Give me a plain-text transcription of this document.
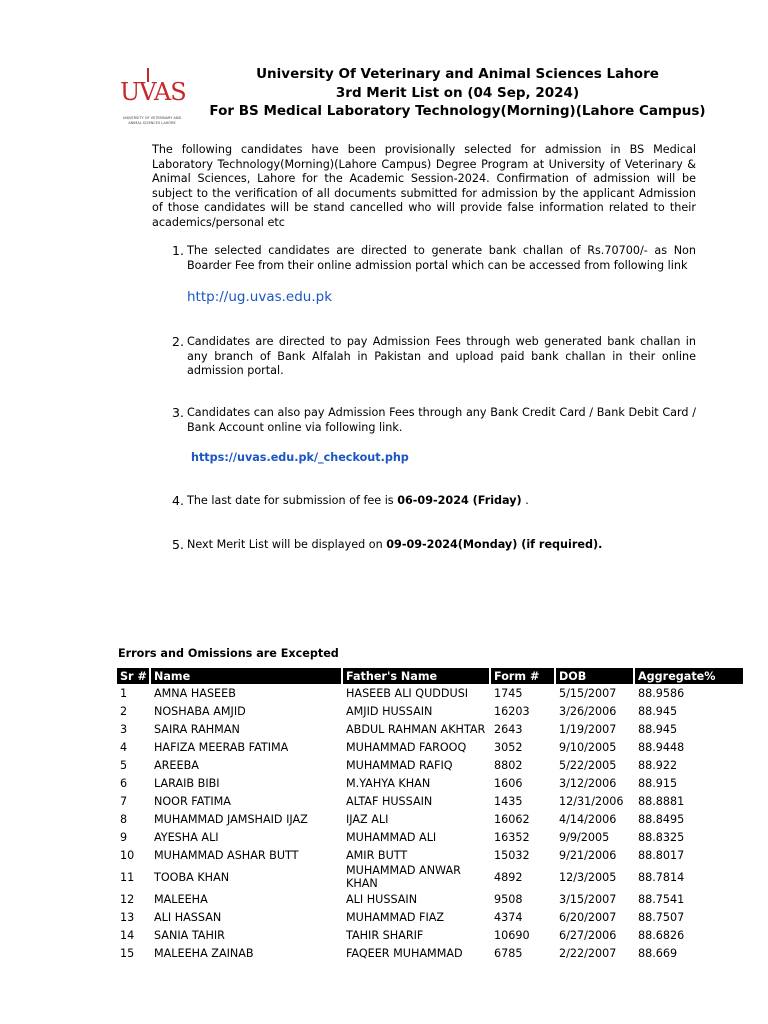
UVAS
UNIVERSITY OF VETERINARY AND ANIMAL SCIENCES LAHORE
University Of Veterinary and Animal Sciences Lahore
3rd Merit List on (04 Sep, 2024)
For BS Medical Laboratory Technology(Morning)(Lahore Campus)
The following candidates have been provisionally selected for admission in BS Medical Laboratory Technology(Morning)(Lahore Campus) Degree Program at University of Veterinary & Animal Sciences, Lahore for the Academic Session-2024. Confirmation of admission will be subject to the verification of all documents submitted for admission by the applicant Admission of those candidates will be stand cancelled who will provide false information related to their academics/personal etc
1. The selected candidates are directed to generate bank challan of Rs.70700/- as Non Boarder Fee from their online admission portal which can be accessed from following link
http://ug.uvas.edu.pk
2. Candidates are directed to pay Admission Fees through web generated bank challan in any branch of Bank Alfalah in Pakistan and upload paid bank challan in their online admission portal.
3. Candidates can also pay Admission Fees through any Bank Credit Card / Bank Debit Card / Bank Account online via following link.
https://uvas.edu.pk/_checkout.php
4. The last date for submission of fee is 06-09-2024 (Friday) .
5. Next Merit List will be displayed on 09-09-2024(Monday) (if required).
Errors and Omissions are Excepted
Sr #	Name	Father's Name	Form #	DOB	Aggregate%
1	AMNA HASEEB	HASEEB ALI QUDDUSI	1745	5/15/2007	88.9586
2	NOSHABA AMJID	AMJID HUSSAIN	16203	3/26/2006	88.945
3	SAIRA RAHMAN	ABDUL RAHMAN AKHTAR	2643	1/19/2007	88.945
4	HAFIZA MEERAB FATIMA	MUHAMMAD FAROOQ	3052	9/10/2005	88.9448
5	AREEBA	MUHAMMAD RAFIQ	8802	5/22/2005	88.922
6	LARAIB BIBI	M.YAHYA KHAN	1606	3/12/2006	88.915
7	NOOR FATIMA	ALTAF HUSSAIN	1435	12/31/2006	88.8881
8	MUHAMMAD JAMSHAID IJAZ	IJAZ ALI	16062	4/14/2006	88.8495
9	AYESHA ALI	MUHAMMAD ALI	16352	9/9/2005	88.8325
10	MUHAMMAD ASHAR BUTT	AMIR BUTT	15032	9/21/2006	88.8017
11	TOOBA KHAN	MUHAMMAD ANWAR KHAN	4892	12/3/2005	88.7814
12	MALEEHA	ALI HUSSAIN	9508	3/15/2007	88.7541
13	ALI HASSAN	MUHAMMAD FIAZ	4374	6/20/2007	88.7507
14	SANIA TAHIR	TAHIR SHARIF	10690	6/27/2006	88.6826
15	MALEEHA ZAINAB	FAQEER MUHAMMAD	6785	2/22/2007	88.669
